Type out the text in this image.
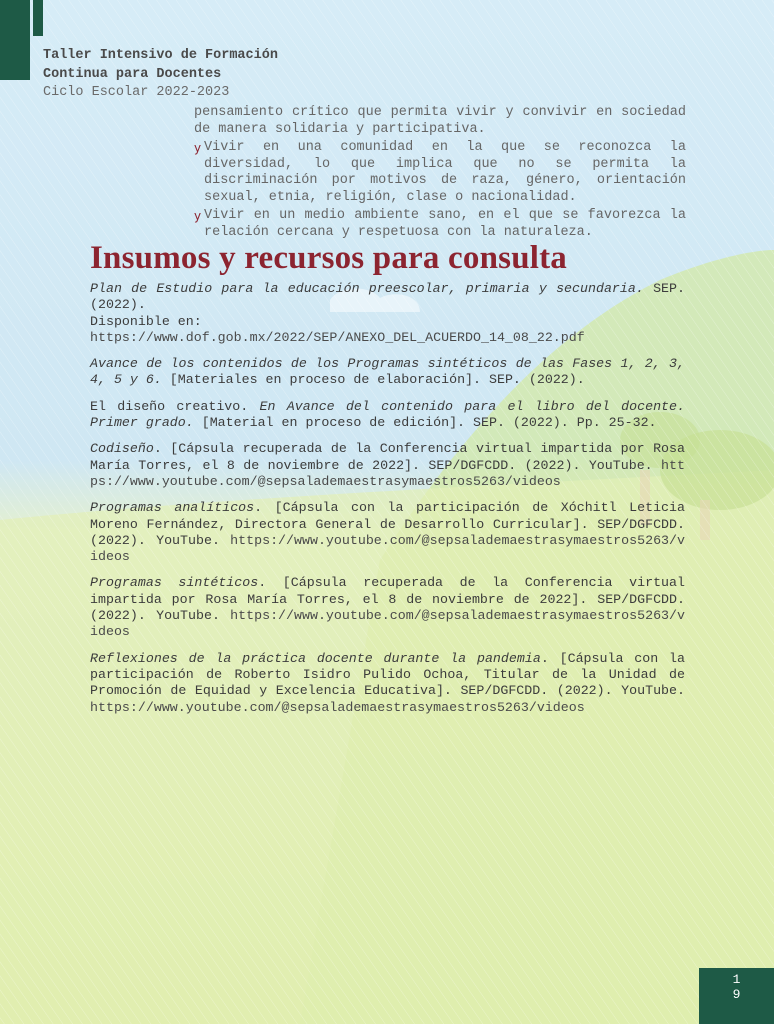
Taller Intensivo de Formación
Continua para Docentes
Ciclo Escolar 2022-2023

pensamiento crítico que permita vivir y convivir en sociedad de manera solidaria y participativa.

y Vivir en una comunidad en la que se reconozca la diversidad, lo que implica que no se permita la discriminación por motivos de raza, género, orientación sexual, etnia, religión, clase o nacionalidad.

y Vivir en un medio ambiente sano, en el que se favorezca la relación cercana y respetuosa con la naturaleza.

Insumos y recursos para consulta

Plan de Estudio para la educación preescolar, primaria y secundaria. SEP. (2022).
Disponible en:
https://www.dof.gob.mx/2022/SEP/ANEXO_DEL_ACUERDO_14_08_22.pdf

Avance de los contenidos de los Programas sintéticos de las Fases 1, 2, 3, 4, 5 y 6. [Materiales en proceso de elaboración]. SEP. (2022).

El diseño creativo. En Avance del contenido para el libro del docente. Primer grado. [Material en proceso de edición]. SEP. (2022). Pp. 25-32.

Codiseño. [Cápsula recuperada de la Conferencia virtual impartida por Rosa María Torres, el 8 de noviembre de 2022]. SEP/DGFCDD. (2022). YouTube. https://www.youtube.com/@sepsalademaestrasymaestros5263/videos

Programas analíticos. [Cápsula con la participación de Xóchitl Leticia Moreno Fernández, Directora General de Desarrollo Curricular]. SEP/DGFCDD. (2022). YouTube. https://www.youtube.com/@sepsalademaestrasymaestros5263/videos

Programas sintéticos. [Cápsula recuperada de la Conferencia virtual impartida por Rosa María Torres, el 8 de noviembre de 2022]. SEP/DGFCDD. (2022). YouTube. https://www.youtube.com/@sepsalademaestrasymaestros5263/videos

Reflexiones de la práctica docente durante la pandemia. [Cápsula con la participación de Roberto Isidro Pulido Ochoa, Titular de la Unidad de Promoción de Equidad y Excelencia Educativa]. SEP/DGFCDD. (2022). YouTube. https://www.youtube.com/@sepsalademaestrasymaestros5263/videos

19
